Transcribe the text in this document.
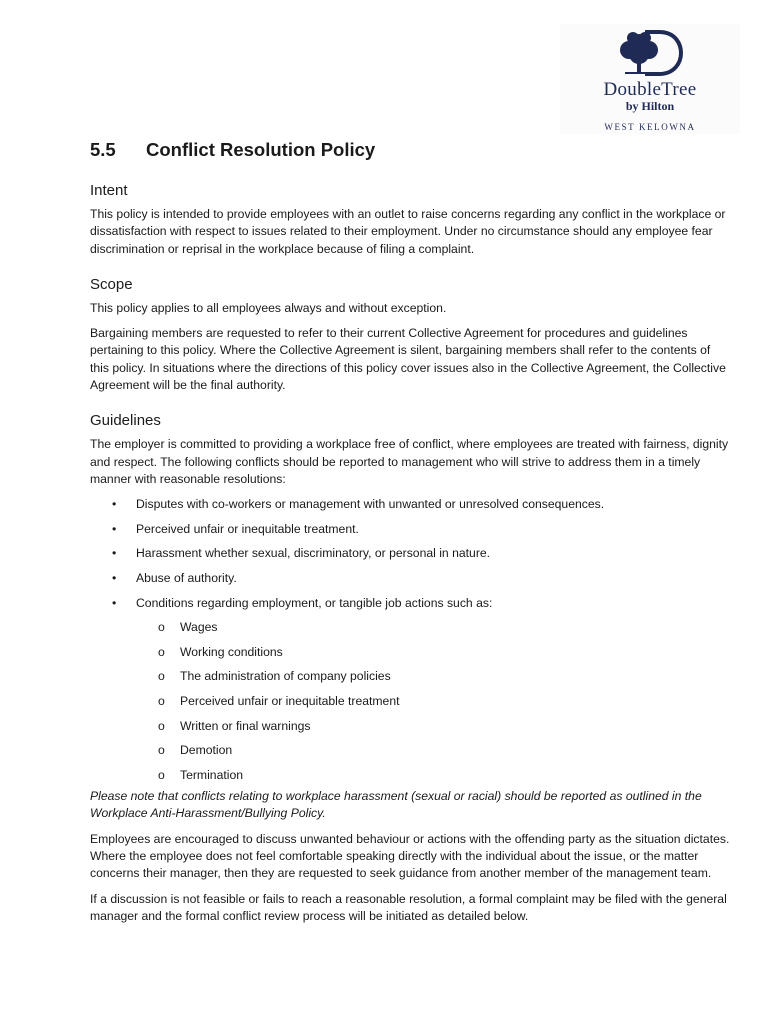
DoubleTree
by Hilton
WEST KELOWNA
5.5	Conflict Resolution Policy
Intent

This policy is intended to provide employees with an outlet to raise concerns regarding any conflict in the workplace or dissatisfaction with respect to issues related to their employment. Under no circumstance should any employee fear discrimination or reprisal in the workplace because of filing a complaint.

Scope

This policy applies to all employees always and without exception.

Bargaining members are requested to refer to their current Collective Agreement for procedures and guidelines pertaining to this policy. Where the Collective Agreement is silent, bargaining members shall refer to the contents of this policy. In situations where the directions of this policy cover issues also in the Collective Agreement, the Collective Agreement will be the final authority.

Guidelines

The employer is committed to providing a workplace free of conflict, where employees are treated with fairness, dignity and respect. The following conflicts should be reported to management who will strive to address them in a timely manner with reasonable resolutions:

• Disputes with co-workers or management with unwanted or unresolved consequences.
• Perceived unfair or inequitable treatment.
• Harassment whether sexual, discriminatory, or personal in nature.
• Abuse of authority.
• Conditions regarding employment, or tangible job actions such as:
o Wages
o Working conditions
o The administration of company policies
o Perceived unfair or inequitable treatment
o Written or final warnings
o Demotion
o Termination

Please note that conflicts relating to workplace harassment (sexual or racial) should be reported as outlined in the Workplace Anti-Harassment/Bullying Policy.

Employees are encouraged to discuss unwanted behaviour or actions with the offending party as the situation dictates. Where the employee does not feel comfortable speaking directly with the individual about the issue, or the matter concerns their manager, then they are requested to seek guidance from another member of the management team.

If a discussion is not feasible or fails to reach a reasonable resolution, a formal complaint may be filed with the general manager and the formal conflict review process will be initiated as detailed below.
